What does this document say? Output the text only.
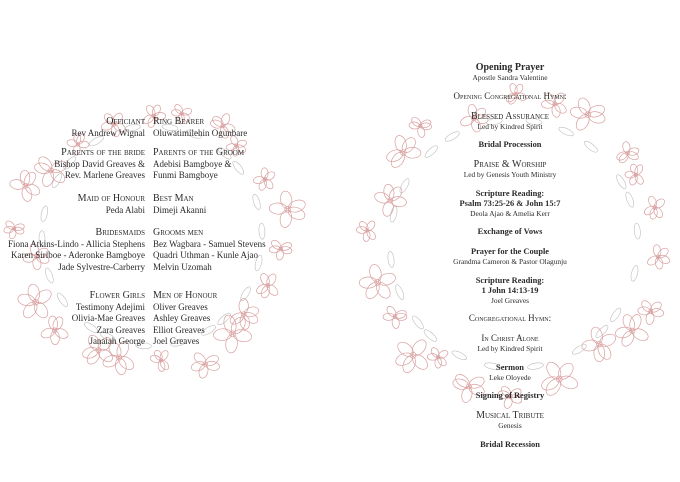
Officiant Ring Bearer
Rev Andrew Wignal Oluwatimilehin Ogunbare
Parents of the bride Parents of the Groom
Bishop David Greaves & Adebisi Bamgboye &
Rev. Marlene Greaves Funmi Bamgboye
Maid of Honour Best Man
Peda Alabi Dimeji Akanni
Bridesmaids Grooms men
Fiona Atkins-Lindo - Allicia Stephens Bez Wagbara - Samuel Stevens
Karen Siriboe - Aderonke Bamgboye Quadri Uthman - Kunle Ajao
Jade Sylvestre-Carberry Melvin Uzomah
Flower Girls Men of Honour
Testimony Adejimi Oliver Greaves
Olivia-Mae Greaves Ashley Greaves
Zara Greaves Elliot Greaves
Janaiah George Joel Greaves
Opening Prayer
Apostle Sandra Valentine
Opening Congregational Hymn:
Blessed Assurance
Led by Kindred Spirit
Bridal Procession
Praise & Worship
Led by Genesis Youth Ministry
Scripture Reading:
Psalm 73:25-26 & John 15:7
Deola Ajao & Amelia Kerr
Exchange of Vows
Prayer for the Couple
Grandma Cameron & Pastor Olagunju
Scripture Reading:
1 John 14:13-19
Joel Greaves
Congregational Hymn:
In Christ Alone
Led by Kindred Spirit
Sermon
Leke Oloyede
Signing of Registry
Musical Tribute
Genesis
Bridal Recession
